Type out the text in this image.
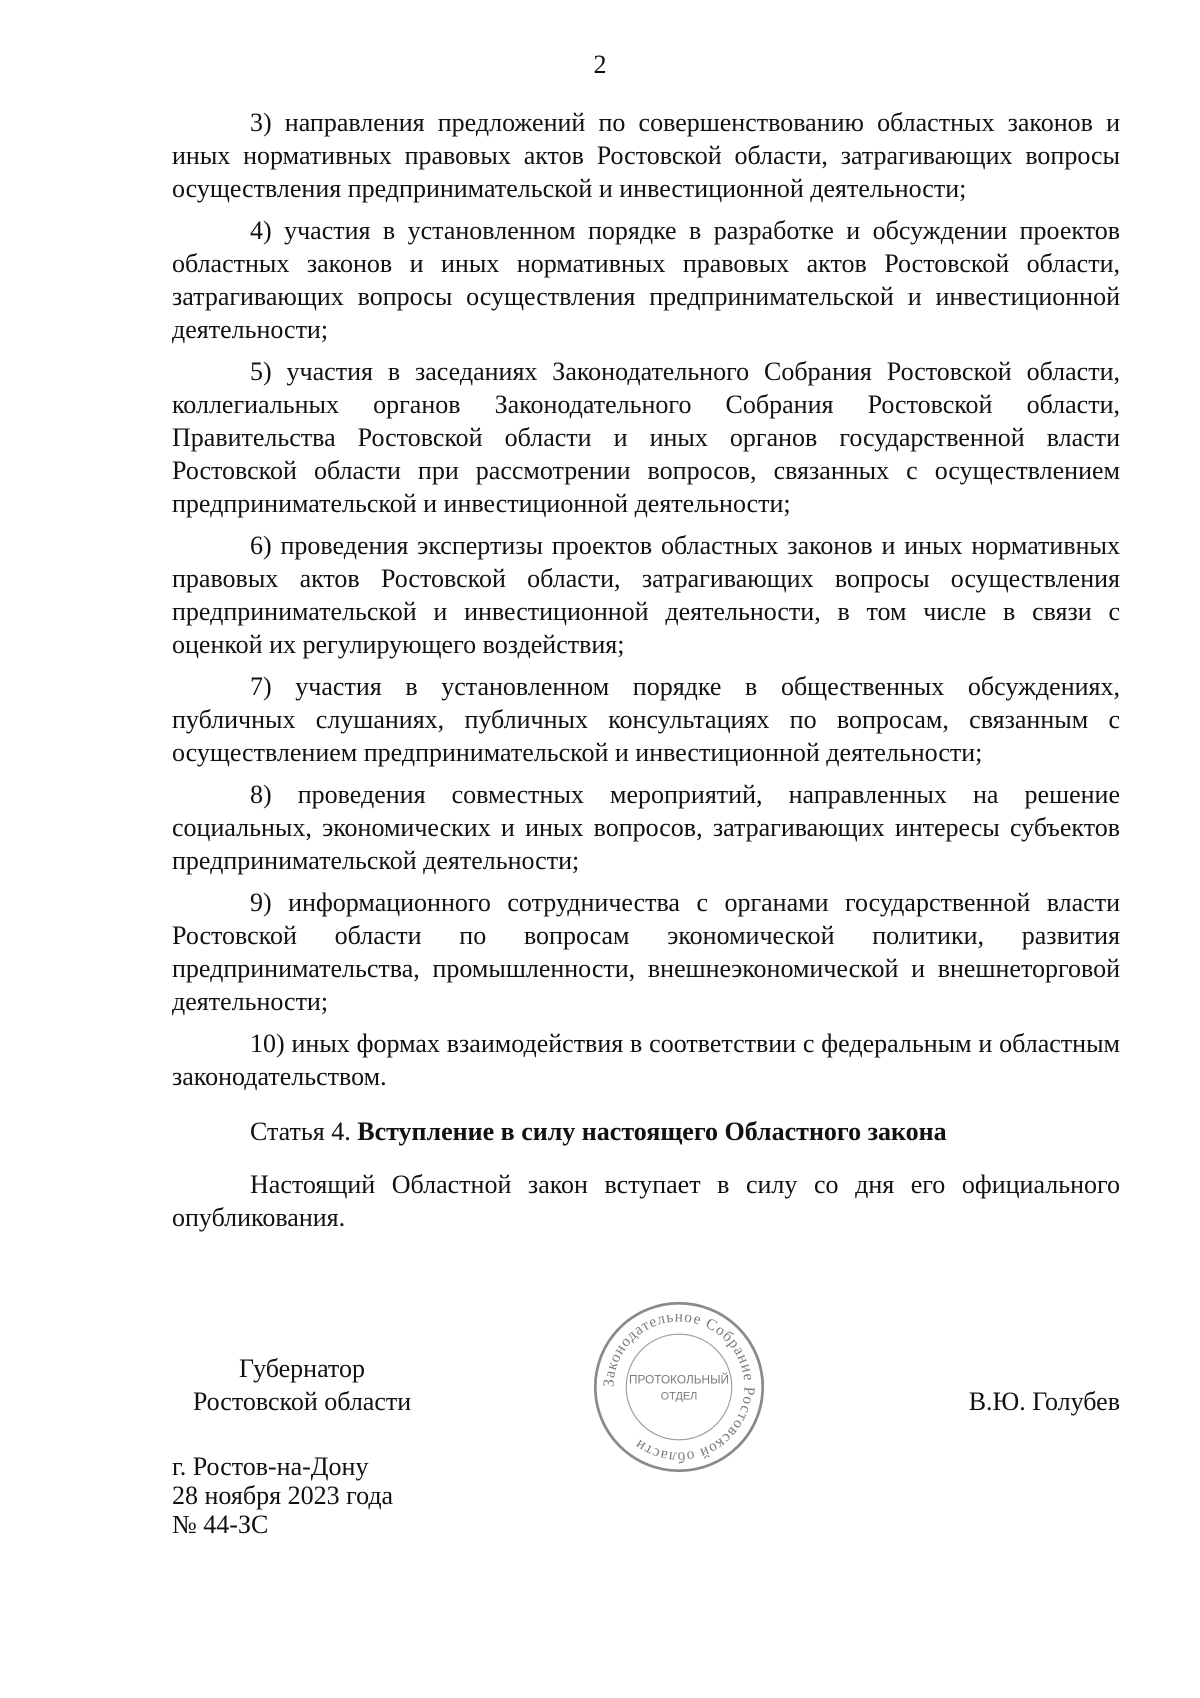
2

3) направления предложений по совершенствованию областных законов и иных нормативных правовых актов Ростовской области, затрагивающих вопросы осуществления предпринимательской и инвестиционной деятельности;

4) участия в установленном порядке в разработке и обсуждении проектов областных законов и иных нормативных правовых актов Ростовской области, затрагивающих вопросы осуществления предпринимательской и инвестиционной деятельности;

5) участия в заседаниях Законодательного Собрания Ростовской области, коллегиальных органов Законодательного Собрания Ростовской области, Правительства Ростовской области и иных органов государственной власти Ростовской области при рассмотрении вопросов, связанных с осуществлением предпринимательской и инвестиционной деятельности;

6) проведения экспертизы проектов областных законов и иных нормативных правовых актов Ростовской области, затрагивающих вопросы осуществления предпринимательской и инвестиционной деятельности, в том числе в связи с оценкой их регулирующего воздействия;

7) участия в установленном порядке в общественных обсуждениях, публичных слушаниях, публичных консультациях по вопросам, связанным с осуществлением предпринимательской и инвестиционной деятельности;

8) проведения совместных мероприятий, направленных на решение социальных, экономических и иных вопросов, затрагивающих интересы субъектов предпринимательской деятельности;

9) информационного сотрудничества с органами государственной власти Ростовской области по вопросам экономической политики, развития предпринимательства, промышленности, внешнеэкономической и внешнеторговой деятельности;

10) иных формах взаимодействия в соответствии с федеральным и областным законодательством.

Статья 4. Вступление в силу настоящего Областного закона

Настоящий Областной закон вступает в силу со дня его официального опубликования.

Губернатор
Ростовской области	В.Ю. Голубев
г. Ростов-на-Дону
28 ноября 2023 года
№ 44-ЗС
Законодательное Собрание Ростовской области
ПРОТОКОЛЬНЫЙ
ОТДЕЛ
